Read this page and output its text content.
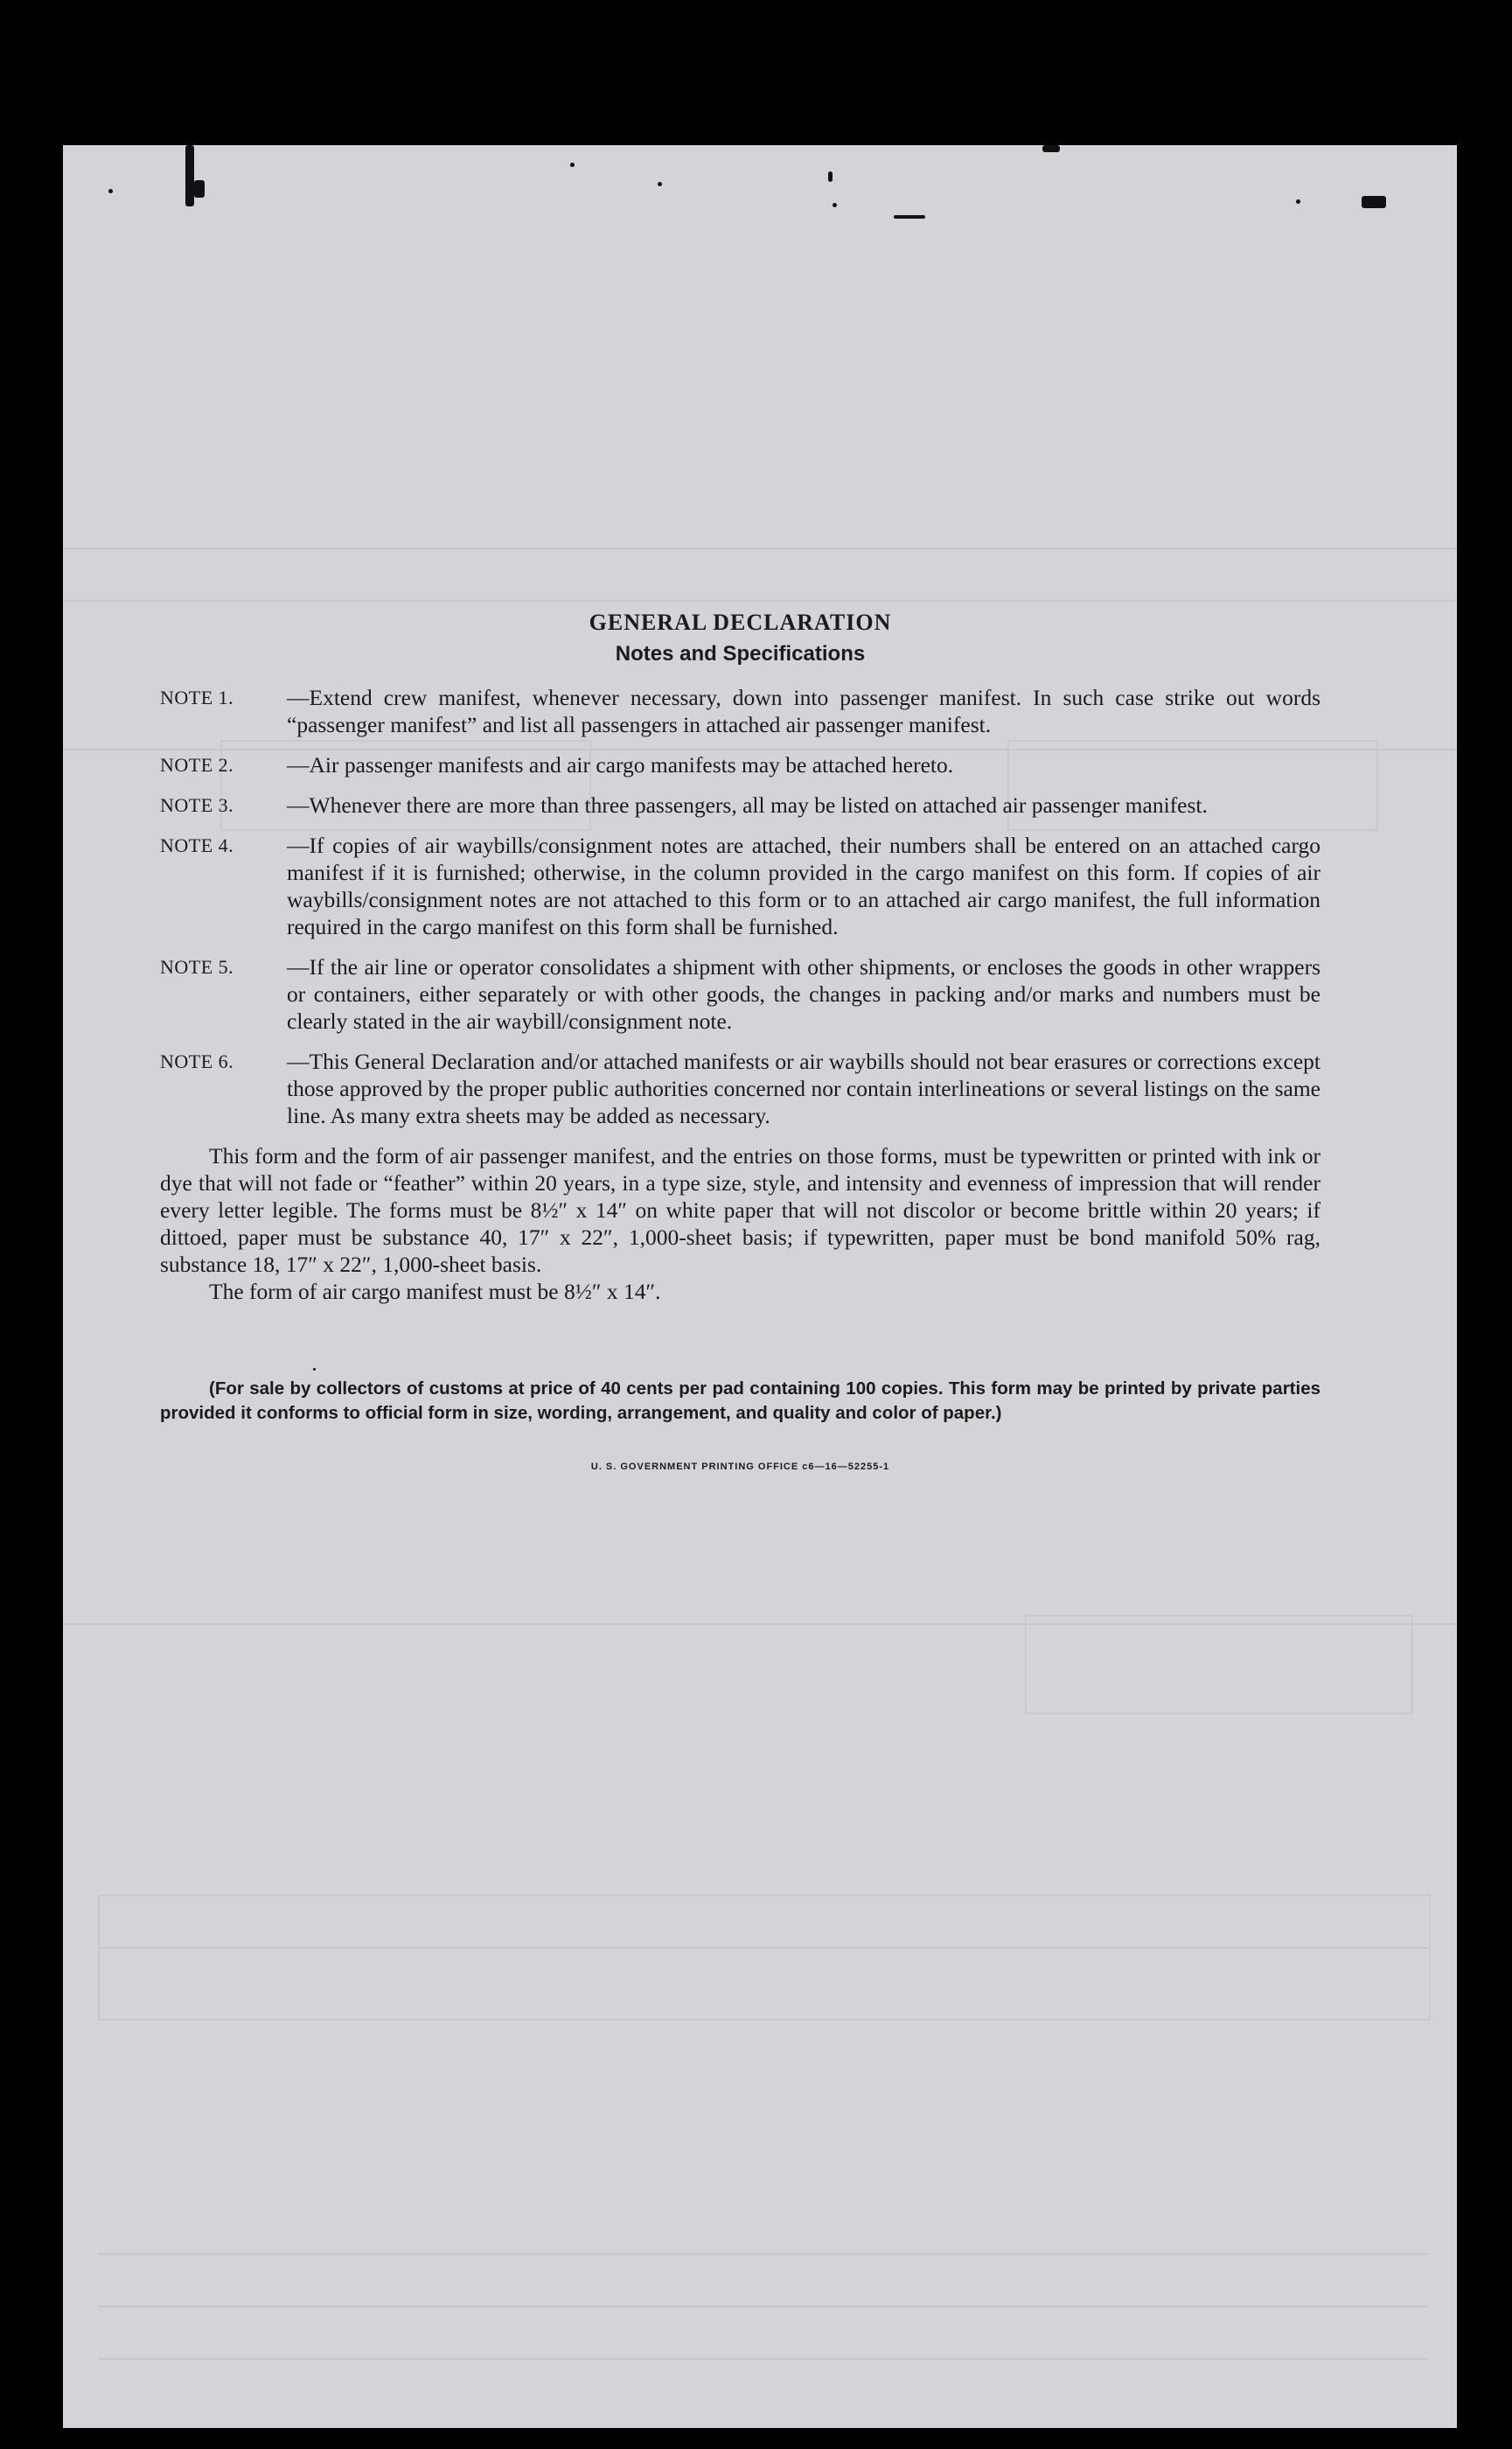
GENERAL DECLARATION
Notes and Specifications
NOTE 1.	—Extend crew manifest, whenever necessary, down into passenger manifest. In such case strike out words “passenger manifest” and list all passengers in attached air passenger manifest.
NOTE 2.	—Air passenger manifests and air cargo manifests may be attached hereto.
NOTE 3.	—Whenever there are more than three passengers, all may be listed on attached air passenger manifest.
NOTE 4.	—If copies of air waybills/consignment notes are attached, their numbers shall be entered on an attached cargo manifest if it is furnished; otherwise, in the column provided in the cargo manifest on this form. If copies of air waybills/consignment notes are not attached to this form or to an attached air cargo manifest, the full information required in the cargo manifest on this form shall be furnished.
NOTE 5.	—If the air line or operator consolidates a shipment with other shipments, or encloses the goods in other wrappers or containers, either separately or with other goods, the changes in packing and/or marks and numbers must be clearly stated in the air waybill/consignment note.
NOTE 6.	—This General Declaration and/or attached manifests or air waybills should not bear erasures or corrections except those approved by the proper public authorities concerned nor contain interlineations or several listings on the same line. As many extra sheets may be added as necessary.

This form and the form of air passenger manifest, and the entries on those forms, must be typewritten or printed with ink or dye that will not fade or “feather” within 20 years, in a type size, style, and intensity and evenness of impression that will render every letter legible. The forms must be 8½″ x 14″ on white paper that will not discolor or become brittle within 20 years; if dittoed, paper must be substance 40, 17″ x 22″, 1,000-sheet basis; if typewritten, paper must be bond manifold 50% rag, substance 18, 17″ x 22″, 1,000-sheet basis.

The form of air cargo manifest must be 8½″ x 14″.

(For sale by collectors of customs at price of 40 cents per pad containing 100 copies. This form may be printed by private parties provided it conforms to official form in size, wording, arrangement, and quality and color of paper.)

U. S. GOVERNMENT PRINTING OFFICE c6—16—52255-1
